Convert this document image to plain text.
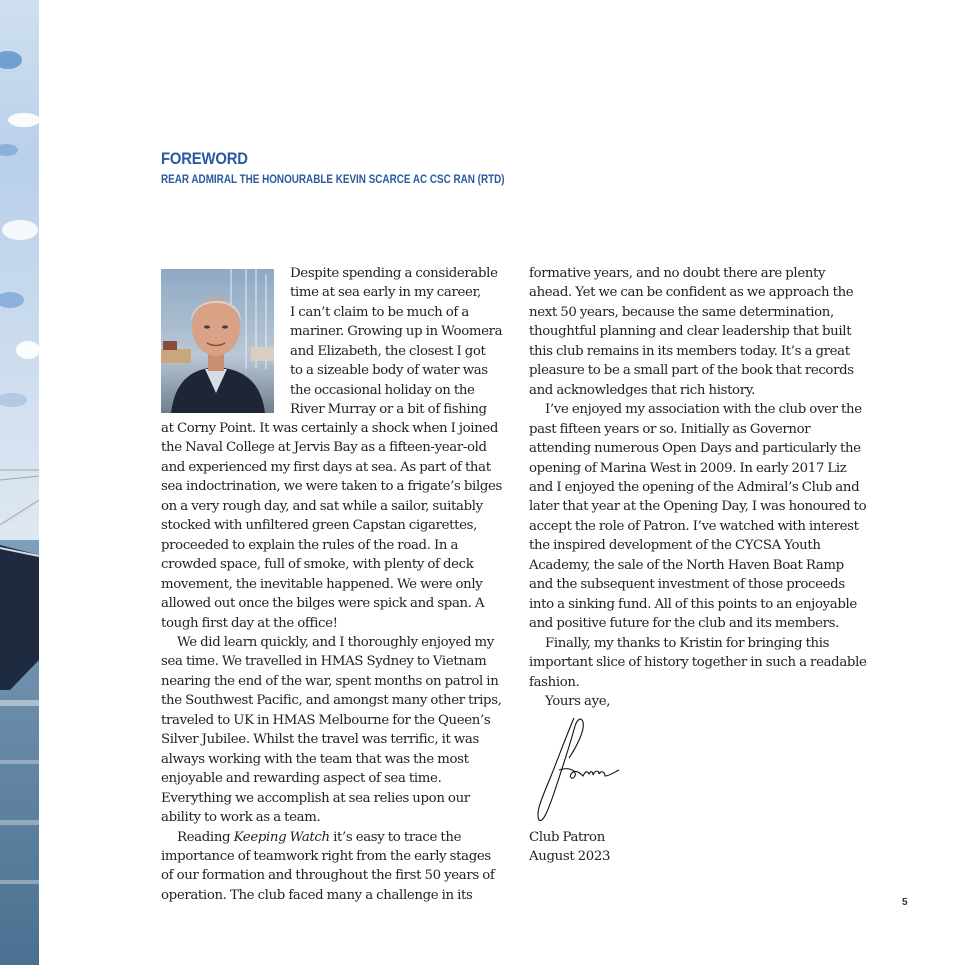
FOREWORD
REAR ADMIRAL THE HONOURABLE KEVIN SCARCE AC CSC RAN (RTD)

Despite spending a considerable
time at sea early in my career,
I can’t claim to be much of a
mariner. Growing up in Woomera
and Elizabeth, the closest I got
to a sizeable body of water was
the occasional holiday on the
River Murray or a bit of fishing

at Corny Point. It was certainly a shock when I joined the Naval College at Jervis Bay as a fifteen-year-old and experienced my first days at sea. As part of that sea indoctrination, we were taken to a frigate’s bilges on a very rough day, and sat while a sailor, suitably stocked with unfiltered green Capstan cigarettes, proceeded to explain the rules of the road. In a crowded space, full of smoke, with plenty of deck movement, the inevitable happened. We were only allowed out once the bilges were spick and span. A tough first day at the office!

We did learn quickly, and I thoroughly enjoyed my sea time. We travelled in HMAS Sydney to Vietnam nearing the end of the war, spent months on patrol in the Southwest Pacific, and amongst many other trips, traveled to UK in HMAS Melbourne for the Queen’s Silver Jubilee. Whilst the travel was terrific, it was always working with the team that was the most enjoyable and rewarding aspect of sea time. Everything we accomplish at sea relies upon our ability to work as a team.

Reading Keeping Watch it’s easy to trace the importance of teamwork right from the early stages of our formation and throughout the first 50 years of operation. The club faced many a challenge in its

formative years, and no doubt there are plenty ahead. Yet we can be confident as we approach the next 50 years, because the same determination, thoughtful planning and clear leadership that built this club remains in its members today. It’s a great pleasure to be a small part of the book that records and acknowledges that rich history.

I’ve enjoyed my association with the club over the past fifteen years or so. Initially as Governor attending numerous Open Days and particularly the opening of Marina West in 2009. In early 2017 Liz and I enjoyed the opening of the Admiral’s Club and later that year at the Opening Day, I was honoured to accept the role of Patron. I’ve watched with interest the inspired development of the CYCSA Youth Academy, the sale of the North Haven Boat Ramp and the subsequent investment of those proceeds into a sinking fund. All of this points to an enjoyable and positive future for the club and its members.

Finally, my thanks to Kristin for bringing this important slice of history together in such a readable fashion.

Yours aye,

Club Patron
August 2023

5
